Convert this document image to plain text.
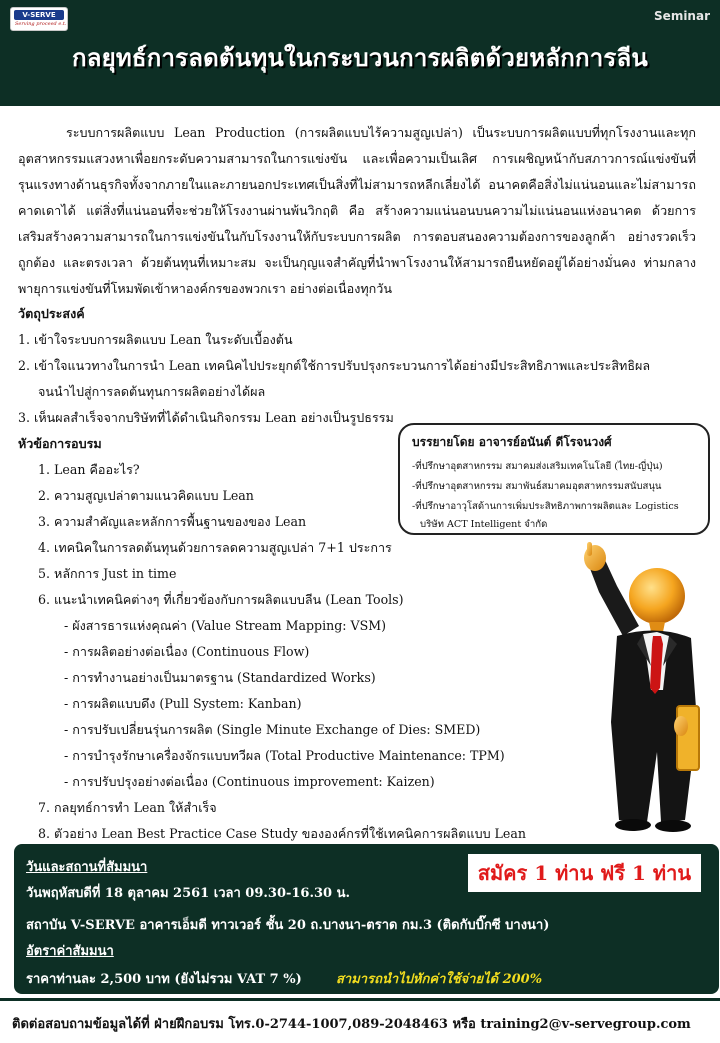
V-SERVE
Serving proceed e.t.
Seminar
กลยุทธ์การลดต้นทุนในกระบวนการผลิตด้วยหลักการลีน
ระบบการผลิตแบบ Lean Production (การผลิตแบบไร้ความสูญเปล่า) เป็นระบบการผลิตแบบที่ทุกโรงงานและทุกอุตสาหกรรมแสวงหาเพื่อยกระดับความสามารถในการแข่งขัน และเพื่อความเป็นเลิศ การเผชิญหน้ากับสภาวการณ์แข่งขันที่รุนแรงทางด้านธุรกิจทั้งจากภายในและภายนอกประเทศเป็นสิ่งที่ไม่สามารถหลีกเลี่ยงได้ อนาคตคือสิ่งไม่แน่นอนและไม่สามารถคาดเดาได้ แต่สิ่งที่แน่นอนที่จะช่วยให้โรงงานผ่านพ้นวิกฤติ คือ สร้างความแน่นอนบนความไม่แน่นอนแห่งอนาคต ด้วยการเสริมสร้างความสามารถในการแข่งขันในกับโรงงานให้กับระบบการผลิต การตอบสนองความต้องการของลูกค้า อย่างรวดเร็ว ถูกต้อง และตรงเวลา ด้วยต้นทุนที่เหมาะสม จะเป็นกุญแจสำคัญที่นำพาโรงงานให้สามารถยืนหยัดอยู่ได้อย่างมั่นคง ท่ามกลางพายุการแข่งขันที่โหมพัดเข้าหาองค์กรของพวกเรา อย่างต่อเนื่องทุกวัน
วัตถุประสงค์
1. เข้าใจระบบการผลิตแบบ Lean ในระดับเบื้องต้น
2. เข้าใจแนวทางในการนำ Lean เทคนิคไปประยุกต์ใช้การปรับปรุงกระบวนการได้อย่างมีประสิทธิภาพและประสิทธิผล
จนนำไปสู่การลดต้นทุนการผลิตอย่างได้ผล
3. เห็นผลสำเร็จจากบริษัทที่ได้ดำเนินกิจกรรม Lean อย่างเป็นรูปธรรม
หัวข้อการอบรม
1. Lean คืออะไร?
2. ความสูญเปล่าตามแนวคิดแบบ Lean
3. ความสำคัญและหลักการพื้นฐานของของ Lean
4. เทคนิคในการลดต้นทุนด้วยการลดความสูญเปล่า 7+1 ประการ
5. หลักการ Just in time
6. แนะนำเทคนิคต่างๆ ที่เกี่ยวข้องกับการผลิตแบบลีน (Lean Tools)
- ผังสารธารแห่งคุณค่า (Value Stream Mapping: VSM)
- การผลิตอย่างต่อเนื่อง (Continuous Flow)
- การทำงานอย่างเป็นมาตรฐาน (Standardized Works)
- การผลิตแบบดึง (Pull System: Kanban)
- การปรับเปลี่ยนรุ่นการผลิต (Single Minute Exchange of Dies: SMED)
- การบำรุงรักษาเครื่องจักรแบบทวีผล (Total Productive Maintenance: TPM)
- การปรับปรุงอย่างต่อเนื่อง (Continuous improvement: Kaizen)
7. กลยุทธ์การทำ Lean ให้สำเร็จ
8. ตัวอย่าง Lean Best Practice Case Study ขององค์กรที่ใช้เทคนิคการผลิตแบบ Lean
บรรยายโดย อาจารย์อนันต์ ดีโรจนวงศ์
-ที่ปรึกษาอุตสาหกรรม สมาคมส่งเสริมเทคโนโลยี (ไทย-ญี่ปุ่น)
-ที่ปรึกษาอุตสาหกรรม สมาพันธ์สมาคมอุตสาหกรรมสนับสนุน
-ที่ปรึกษาอาวุโสด้านการเพิ่มประสิทธิภาพการผลิตและ Logistics
บริษัท ACT Intelligent จำกัด
วันและสถานที่สัมมนา	สมัคร 1 ท่าน ฟรี 1 ท่าน
วันพฤหัสบดีที่ 18 ตุลาคม 2561 เวลา 09.30-16.30 น.
สถาบัน V-SERVE อาคารเอ็มดี ทาวเวอร์ ชั้น 20 ถ.บางนา-ตราด กม.3 (ติดกับบิ๊กซี บางนา)
อัตราค่าสัมมนา
ราคาท่านละ 2,500 บาท (ยังไม่รวม VAT 7 %)	สามารถนำไปหักค่าใช้จ่ายได้ 200%
ติดต่อสอบถามข้อมูลได้ที่ ฝ่ายฝึกอบรม โทร.0-2744-1007,089-2048463 หรือ training2@v-servegroup.com
